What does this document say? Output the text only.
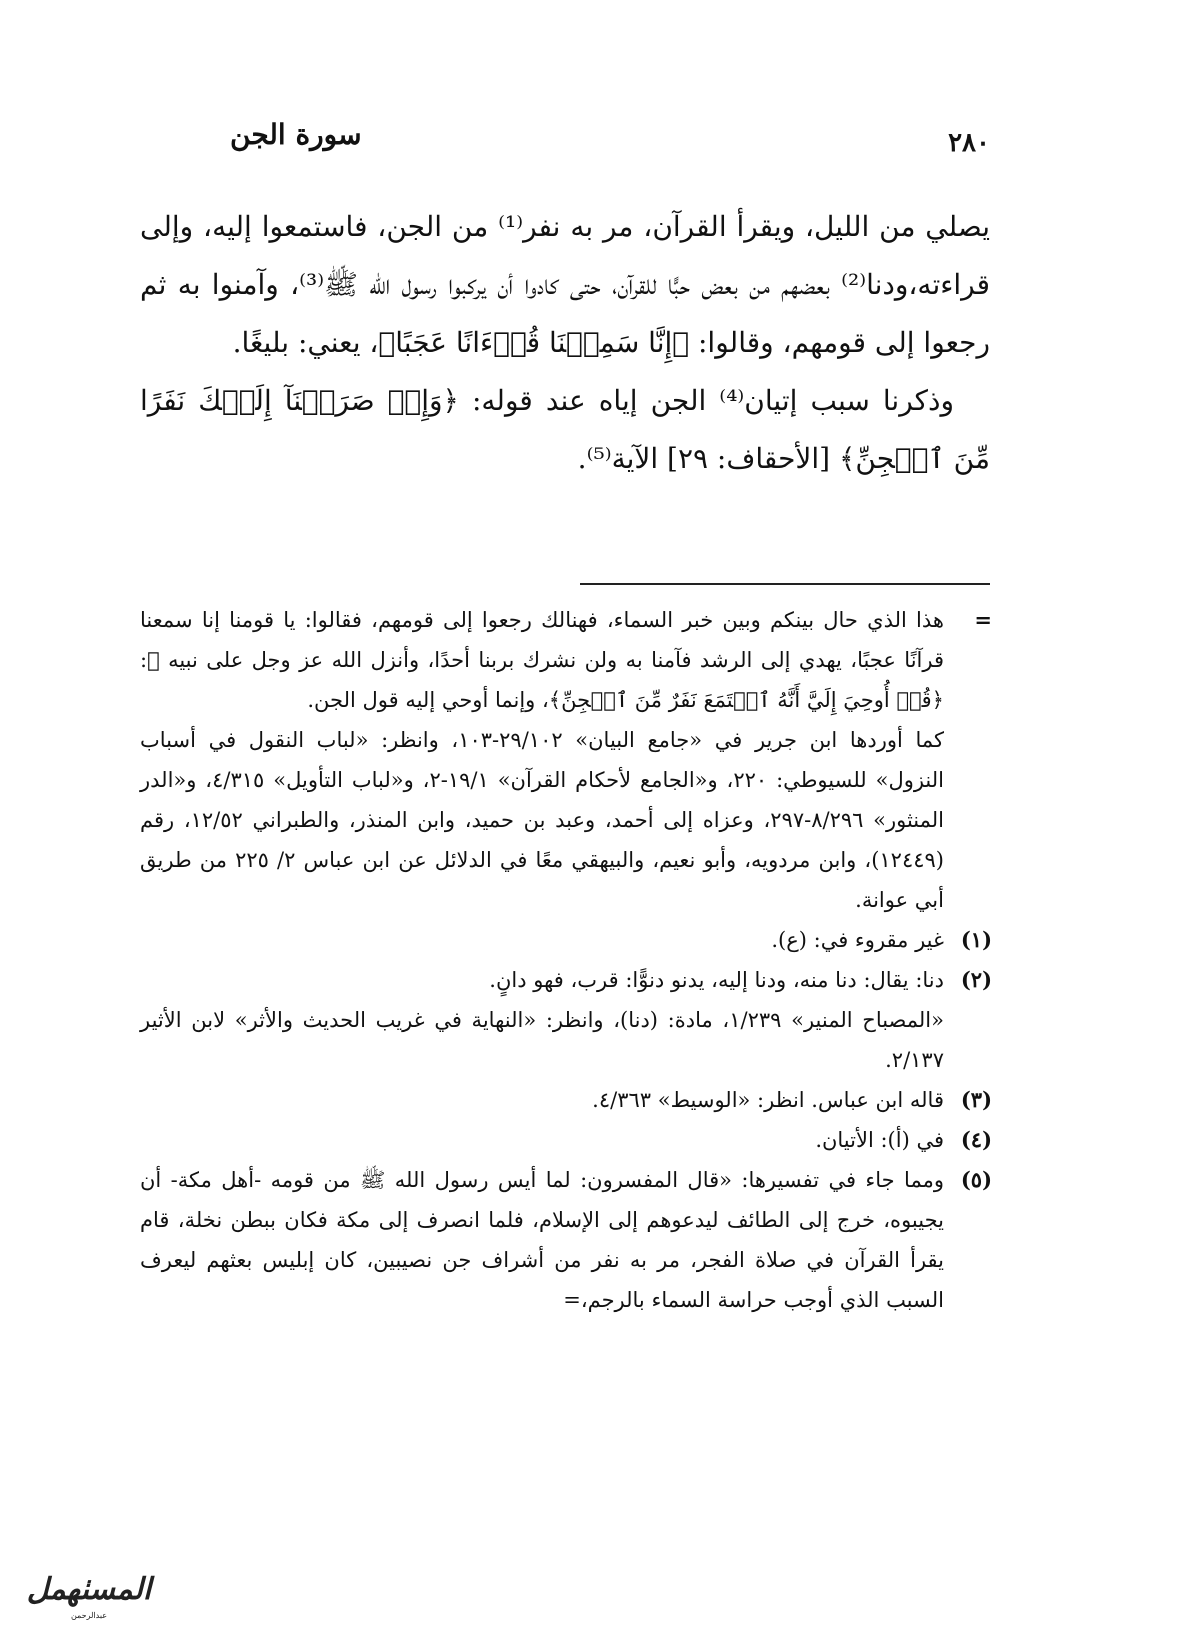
٢٨٠
سورة الجن

يصلي من الليل، ويقرأ القرآن، مر به نفر⁽¹⁾ من الجن، فاستمعوا إليه، وإلى قراءته،ودنا⁽²⁾ بعضهم من بعض حبًّا للقرآن، حتى كادوا أن يركبوا رسول الله ﷺ⁽³⁾، وآمنوا به ثم رجعوا إلى قومهم، وقالوا: ﴿إِنَّا سَمِعۡنَا قُرۡءَانًا عَجَبًا﴾، يعني: بليغًا.

وذكرنا سبب إتيان⁽⁴⁾ الجن إياه عند قوله: ﴿وَإِذۡ صَرَفۡنَآ إِلَيۡكَ نَفَرًا مِّنَ ٱلۡجِنِّ﴾ [الأحقاف: ٢٩] الآية⁽⁵⁾.

=

هذا الذي حال بينكم وبين خبر السماء، فهنالك رجعوا إلى قومهم، فقالوا: يا قومنا إنا سمعنا قرآنًا عجبًا، يهدي إلى الرشد فآمنا به ولن نشرك بربنا أحدًا، وأنزل الله عز وجل على نبيه ﷺ: ﴿قُلۡ أُوحِيَ إِلَيَّ أَنَّهُ ٱسۡتَمَعَ نَفَرٌ مِّنَ ٱلۡجِنِّ﴾، وإنما أوحي إليه قول الجن.

كما أوردها ابن جرير في «جامع البيان» ٢٩/١٠٢-١٠٣، وانظر: «لباب النقول في أسباب النزول» للسيوطي: ٢٢٠، و«الجامع لأحكام القرآن» ١٩/١-٢، و«لباب التأويل» ٤/٣١٥، و«الدر المنثور» ٨/٢٩٦-٢٩٧، وعزاه إلى أحمد، وعبد بن حميد، وابن المنذر، والطبراني ١٢/٥٢، رقم (١٢٤٤٩)، وابن مردويه، وأبو نعيم، والبيهقي معًا في الدلائل عن ابن عباس ٢/ ٢٢٥ من طريق أبي عوانة.

(١)

غير مقروء في: (ع).

(٢)

دنا: يقال: دنا منه، ودنا إليه، يدنو دنوًّا: قرب، فهو دانٍ.

«المصباح المنير» ١/٢٣٩، مادة: (دنا)، وانظر: «النهاية في غريب الحديث والأثر» لابن الأثير ٢/١٣٧.

(٣)

قاله ابن عباس. انظر: «الوسيط» ٤/٣٦٣.

(٤)

في (أ): الأتيان.

(٥)

ومما جاء في تفسيرها: «قال المفسرون: لما أيس رسول الله ﷺ من قومه -أهل مكة- أن يجيبوه، خرج إلى الطائف ليدعوهم إلى الإسلام، فلما انصرف إلى مكة فكان ببطن نخلة، قام يقرأ القرآن في صلاة الفجر، مر به نفر من أشراف جن نصيبين، كان إبليس بعثهم ليعرف السبب الذي أوجب حراسة السماء بالرجم،=

المسٺهمل
عبدالرحمن
